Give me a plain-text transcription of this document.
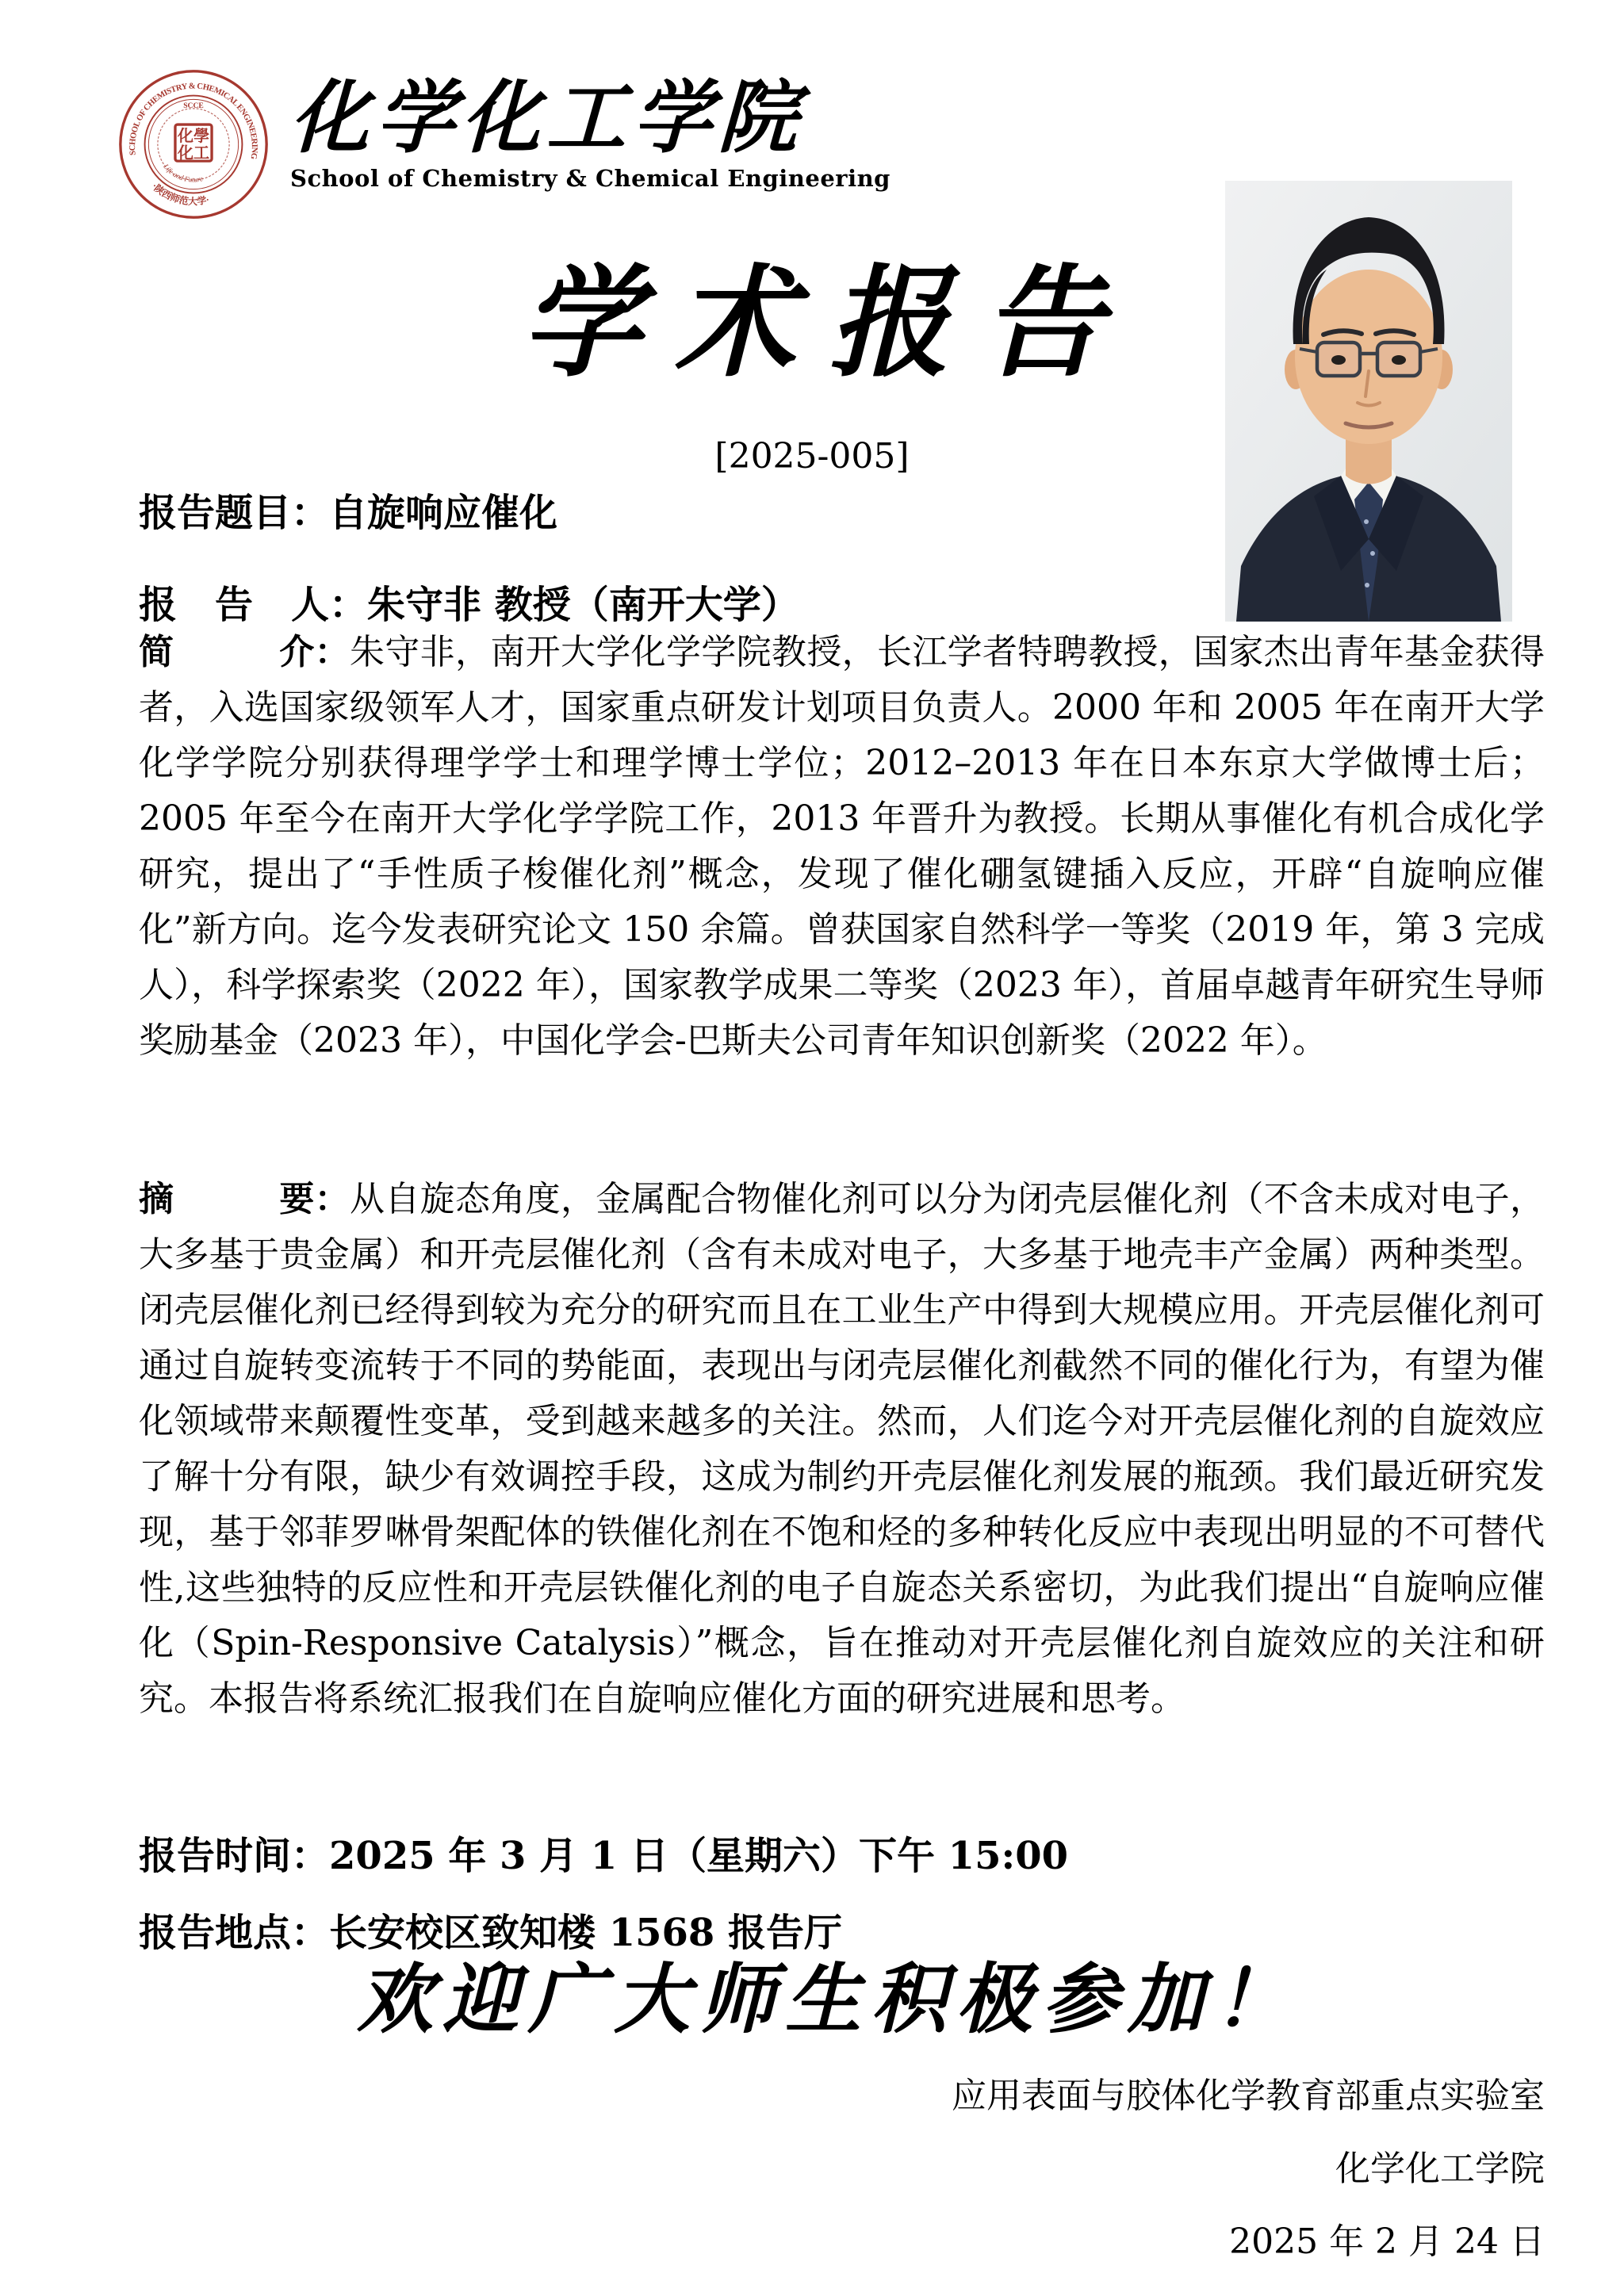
SCHOOL OF CHEMISTRY & CHEMICAL ENGINEERING
·陕西师范大学·
Life and Future
SCCE
化學
化工 化学化工学院
School of Chemistry & Chemical Engineering
学术报告
[2025-005]
报告题目：自旋响应催化
报　告　人：朱守非 教授（南开大学）

简　　　介：朱守非，南开大学化学学院教授，长江学者特聘教授，国家杰出青年基金获得者，入选国家级领军人才，国家重点研发计划项目负责人。2000 年和 2005 年在南开大学化学学院分别获得理学学士和理学博士学位；2012–2013 年在日本东京大学做博士后；2005 年至今在南开大学化学学院工作，2013 年晋升为教授。长期从事催化有机合成化学研究，提出了“手性质子梭催化剂”概念，发现了催化硼氢键插入反应，开辟“自旋响应催化”新方向。迄今发表研究论文 150 余篇。曾获国家自然科学一等奖（2019 年，第 3 完成人），科学探索奖（2022 年），国家教学成果二等奖（2023 年），首届卓越青年研究生导师奖励基金（2023 年），中国化学会-巴斯夫公司青年知识创新奖（2022 年）。

摘　　　要：从自旋态角度，金属配合物催化剂可以分为闭壳层催化剂（不含未成对电子，大多基于贵金属）和开壳层催化剂（含有未成对电子，大多基于地壳丰产金属）两种类型。闭壳层催化剂已经得到较为充分的研究而且在工业生产中得到大规模应用。开壳层催化剂可通过自旋转变流转于不同的势能面，表现出与闭壳层催化剂截然不同的催化行为，有望为催化领域带来颠覆性变革，受到越来越多的关注。然而，人们迄今对开壳层催化剂的自旋效应了解十分有限，缺少有效调控手段，这成为制约开壳层催化剂发展的瓶颈。我们最近研究发现，基于邻菲罗啉骨架配体的铁催化剂在不饱和烃的多种转化反应中表现出明显的不可替代性,这些独特的反应性和开壳层铁催化剂的电子自旋态关系密切，为此我们提出“自旋响应催化（Spin-Responsive Catalysis）”概念，旨在推动对开壳层催化剂自旋效应的关注和研究。本报告将系统汇报我们在自旋响应催化方面的研究进展和思考。

报告时间：2025 年 3 月 1 日（星期六）下午 15:00
报告地点：长安校区致知楼 1568 报告厅
欢迎广大师生积极参加！
应用表面与胶体化学教育部重点实验室
化学化工学院
2025 年 2 月 24 日
